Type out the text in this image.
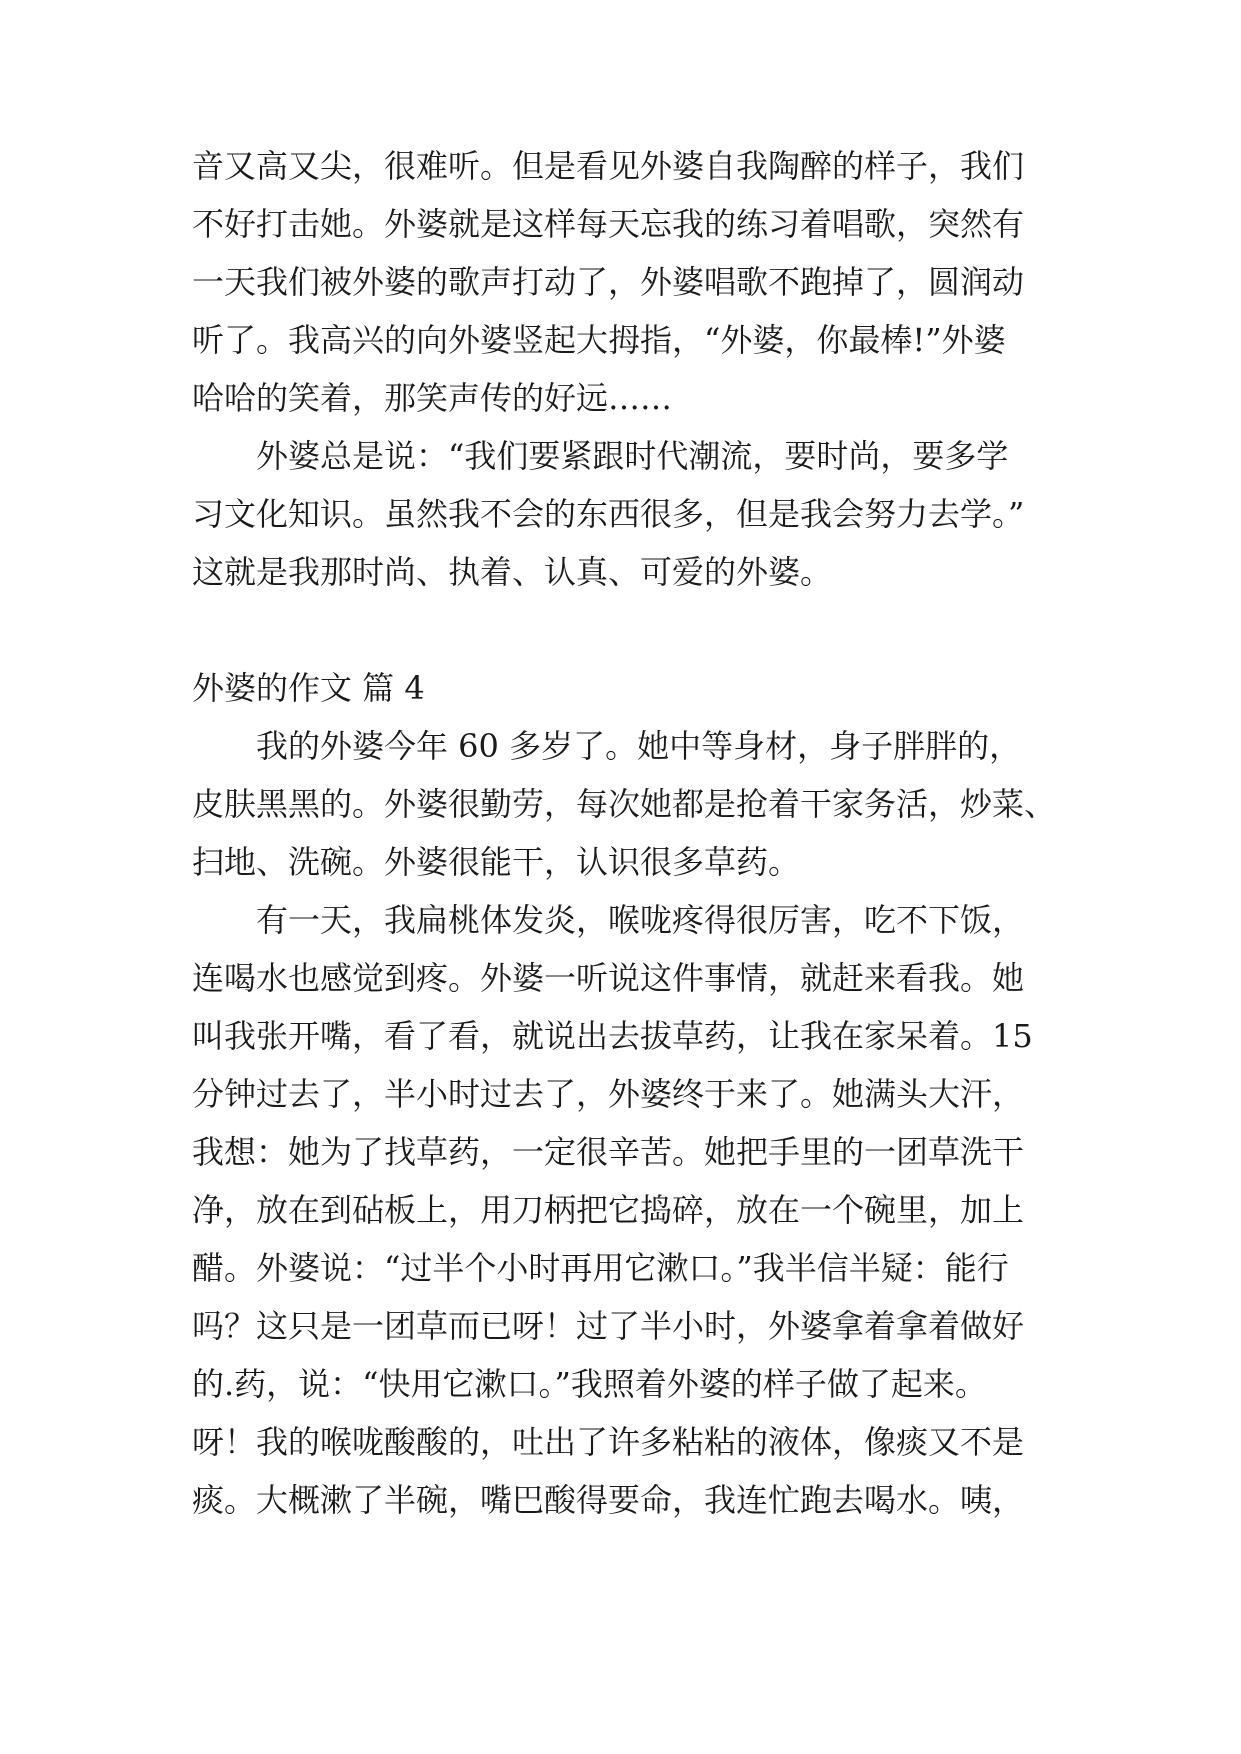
音又高又尖，很难听。但是看见外婆自我陶醉的样子，我们
不好打击她。外婆就是这样每天忘我的练习着唱歌，突然有
一天我们被外婆的歌声打动了，外婆唱歌不跑掉了，圆润动
听了。我高兴的向外婆竖起大拇指，“外婆，你最棒!”外婆
哈哈的笑着，那笑声传的好远……
外婆总是说：“我们要紧跟时代潮流，要时尚，要多学
习文化知识。虽然我不会的东西很多，但是我会努力去学。”
这就是我那时尚、执着、认真、可爱的外婆。
外婆的作文 篇 4
我的外婆今年 60 多岁了。她中等身材，身子胖胖的，
皮肤黑黑的。外婆很勤劳，每次她都是抢着干家务活，炒菜、
扫地、洗碗。外婆很能干，认识很多草药。
有一天，我扁桃体发炎，喉咙疼得很厉害，吃不下饭，
连喝水也感觉到疼。外婆一听说这件事情，就赶来看我。她
叫我张开嘴，看了看，就说出去拔草药，让我在家呆着。15
分钟过去了，半小时过去了，外婆终于来了。她满头大汗，
我想：她为了找草药，一定很辛苦。她把手里的一团草洗干
净，放在到砧板上，用刀柄把它捣碎，放在一个碗里，加上
醋。外婆说：“过半个小时再用它漱口。”我半信半疑：能行
吗？这只是一团草而已呀！过了半小时，外婆拿着拿着做好
的.药，说：“快用它漱口。”我照着外婆的样子做了起来。
呀！我的喉咙酸酸的，吐出了许多粘粘的液体，像痰又不是
痰。大概漱了半碗，嘴巴酸得要命，我连忙跑去喝水。咦，
